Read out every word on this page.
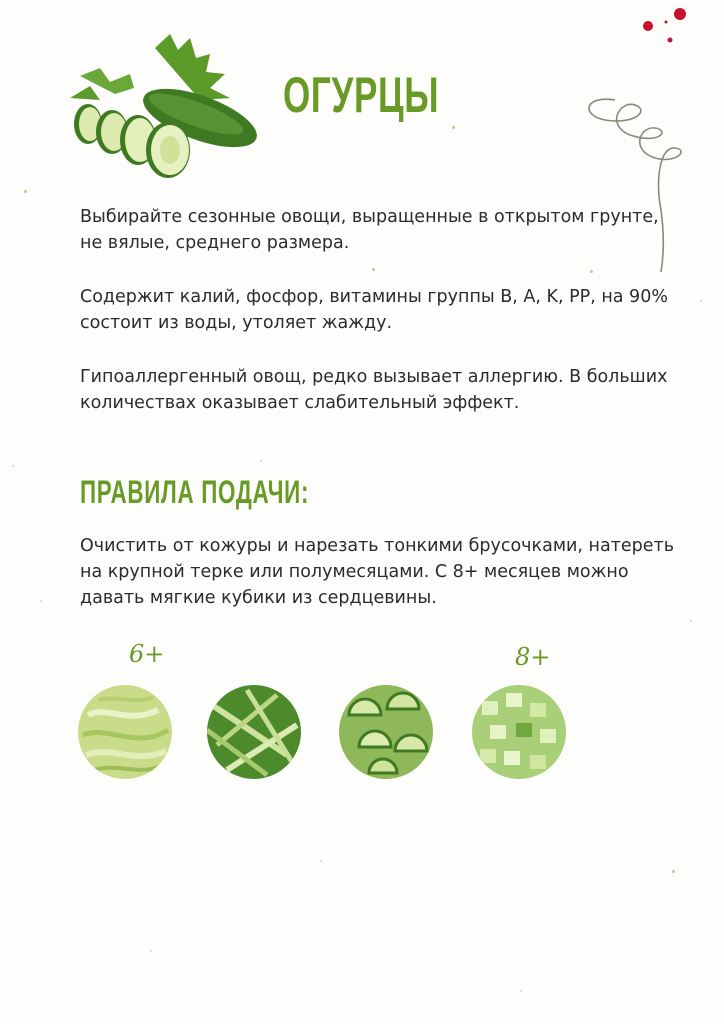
ОГУРЦЫ
Выбирайте сезонные овощи, выращенные в открытом грунте, не вялые, среднего размера.
Содержит калий, фосфор, витамины группы B, A, K, PP, на 90% состоит из воды, утоляет жажду.
Гипоаллергенный овощ, редко вызывает аллергию. В больших количествах оказывает слабительный эффект.
ПРАВИЛА ПОДАЧИ:
Очистить от кожуры и нарезать тонкими брусочками, натереть на крупной терке или полумесяцами. С 8+ месяцев можно давать мягкие кубики из сердцевины.
6+	8+
